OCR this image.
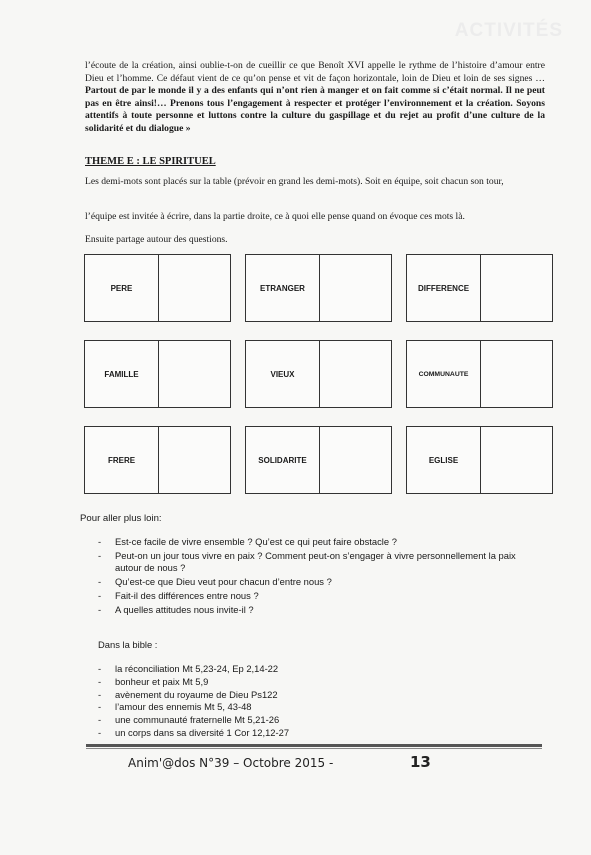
ACTIVITÉS

l’écoute de la création, ainsi oublie-t-on de cueillir ce que Benoît XVI appelle le rythme de l’histoire d’amour entre Dieu et l’homme. Ce défaut vient de ce qu’on pense et vit de façon horizontale, loin de Dieu et loin de ses signes …Partout de par le monde il y a des enfants qui n’ont rien à manger et on fait comme si c’était normal. Il ne peut pas en être ainsi!… Prenons tous l’engagement à respecter et protéger l’environnement et la création. Soyons attentifs à toute personne et luttons contre la culture du gaspillage et du rejet au profit d’une culture de la solidarité et du dialogue »

THEME E : LE SPIRITUEL

Les demi-mots sont placés sur la table (prévoir en grand les demi-mots). Soit en équipe, soit chacun son tour,

l’équipe est invitée à écrire, dans la partie droite, ce à quoi elle pense quand on évoque ces mots là.

Ensuite partage autour des questions.

PERE	ETRANGER	DIFFERENCE
FAMILLE	VIEUX	COMMUNAUTE
FRERE	SOLIDARITE	EGLISE

Pour aller plus loin:

- Est-ce facile de vivre ensemble ? Qu’est ce qui peut faire obstacle ?
- Peut-on un jour tous vivre en paix ? Comment peut-on s’engager à vivre personnellement la paix autour de nous ?
- Qu’est-ce que Dieu veut pour chacun d’entre nous ?
- Fait-il des différences entre nous ?
- A quelles attitudes nous invite-il ?

Dans la bible :

- la réconciliation Mt 5,23-24, Ep 2,14-22
- bonheur et paix Mt 5,9
- avènement du royaume de Dieu Ps122
- l’amour des ennemis Mt 5, 43-48
- une communauté fraternelle Mt 5,21-26
- un corps dans sa diversité 1 Cor 12,12-27
Anim'@dos N°39 – Octobre 2015 -	13
